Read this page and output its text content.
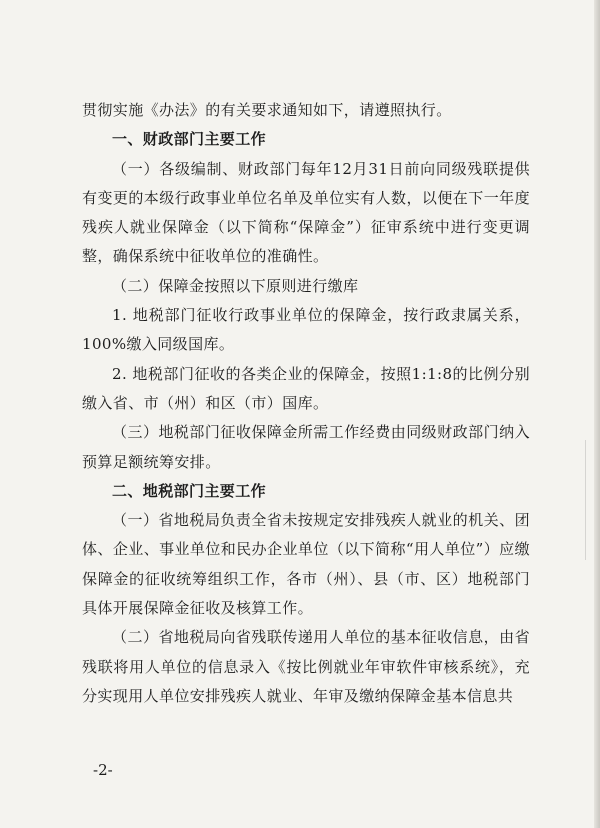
贯彻实施《办法》的有关要求通知如下，请遵照执行。

一、财政部门主要工作

（一）各级编制、财政部门每年12月31日前向同级残联提供有变更的本级行政事业单位名单及单位实有人数，以便在下一年度残疾人就业保障金（以下简称“保障金”）征审系统中进行变更调整，确保系统中征收单位的准确性。

（二）保障金按照以下原则进行缴库

1. 地税部门征收行政事业单位的保障金，按行政隶属关系，100%缴入同级国库。

2. 地税部门征收的各类企业的保障金，按照1:1:8的比例分别缴入省、市（州）和区（市）国库。

（三）地税部门征收保障金所需工作经费由同级财政部门纳入预算足额统筹安排。

二、地税部门主要工作

（一）省地税局负责全省未按规定安排残疾人就业的机关、团体、企业、事业单位和民办企业单位（以下简称“用人单位”）应缴保障金的征收统筹组织工作，各市（州）、县（市、区）地税部门具体开展保障金征收及核算工作。

（二）省地税局向省残联传递用人单位的基本征收信息，由省残联将用人单位的信息录入《按比例就业年审软件审核系统》，充分实现用人单位安排残疾人就业、年审及缴纳保障金基本信息共

-2-
